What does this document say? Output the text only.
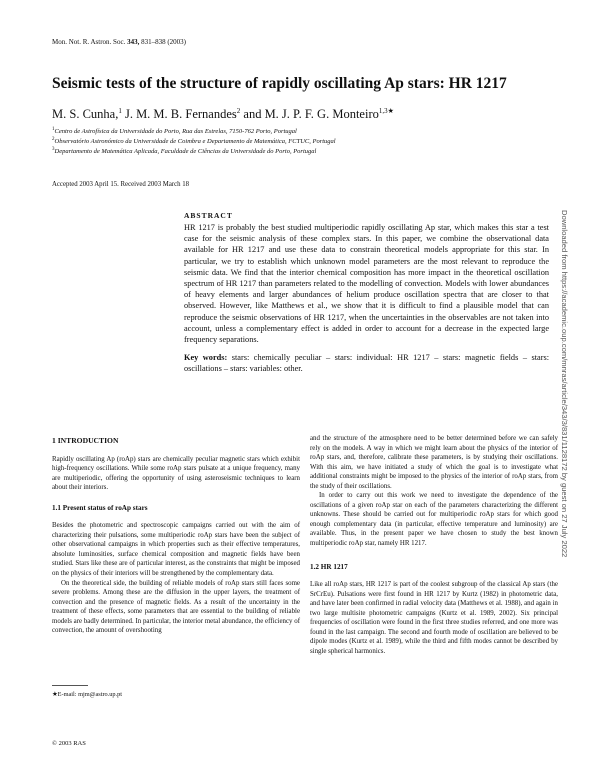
Mon. Not. R. Astron. Soc. 343, 831–838 (2003)
Seismic tests of the structure of rapidly oscillating Ap stars: HR 1217
M. S. Cunha,$^1$ J. M. M. B. Fernandes$^2$ and M. J. P. F. G. Monteiro$^{1,3★}$
$^1$Centro de Astrofísica da Universidade do Porto, Rua das Estrelas, 7150-762 Porto, Portugal
$^2$Observatório Astronómico da Universidade de Coimbra e Departamento de Matemática, FCTUC, Portugal
$^3$Departamento de Matemática Aplicada, Faculdade de Ciências da Universidade do Porto, Portugal
Accepted 2003 April 15. Received 2003 March 18
ABSTRACT

HR 1217 is probably the best studied multiperiodic rapidly oscillating Ap star, which makes this star a test case for the seismic analysis of these complex stars. In this paper, we combine the observational data available for HR 1217 and use these data to constrain theoretical models appropriate for this star. In particular, we try to establish which unknown model parameters are the most relevant to reproduce the seismic data. We find that the interior chemical composition has more impact in the theoretical oscillation spectrum of HR 1217 than parameters related to the modelling of convection. Models with lower abundances of heavy elements and larger abundances of helium produce oscillation spectra that are closer to that observed. However, like Matthews et al., we show that it is difficult to find a plausible model that can reproduce the seismic observations of HR 1217, when the uncertainties in the observables are not taken into account, unless a complementary effect is added in order to account for a decrease in the expected large frequency separations.

Key words: stars: chemically peculiar – stars: individual: HR 1217 – stars: magnetic fields – stars: oscillations – stars: variables: other.
1 INTRODUCTION

Rapidly oscillating Ap (roAp) stars are chemically peculiar magnetic stars which exhibit high-frequency oscillations. While some roAp stars pulsate at a unique frequency, many are multiperiodic, offering the opportunity of using asteroseismic techniques to learn about their interiors.

1.1 Present status of roAp stars

Besides the photometric and spectroscopic campaigns carried out with the aim of characterizing their pulsations, some multiperiodic roAp stars have been the subject of other observational campaigns in which properties such as their effective temperatures, absolute luminosities, surface chemical composition and magnetic fields have been studied. Stars like these are of particular interest, as the constraints that might be imposed on the physics of their interiors will be strengthened by the complementary data.

On the theoretical side, the building of reliable models of roAp stars still faces some severe problems. Among these are the diffusion in the upper layers, the treatment of convection and the presence of magnetic fields. As a result of the uncertainty in the treatment of these effects, some parameters that are essential to the building of reliable models are badly determined. In particular, the interior metal abundance, the efficiency of convection, the amount of overshooting

and the structure of the atmosphere need to be better determined before we can safely rely on the models. A way in which we might learn about the physics of the interior of roAp stars, and, therefore, calibrate these parameters, is by studying their oscillations. With this aim, we have initiated a study of which the goal is to investigate what additional constraints might be imposed to the physics of the interior of roAp stars, from the study of their oscillations.

In order to carry out this work we need to investigate the dependence of the oscillations of a given roAp star on each of the parameters characterizing the different unknowns. These should be carried out for multiperiodic roAp stars for which good enough complementary data (in particular, effective temperature and luminosity) are available. Thus, in the present paper we have chosen to study the best known multiperiodic roAp star, namely HR 1217.

1.2 HR 1217

Like all roAp stars, HR 1217 is part of the coolest subgroup of the classical Ap stars (the SrCrEu). Pulsations were first found in HR 1217 by Kurtz (1982) in photometric data, and have later been confirmed in radial velocity data (Matthews et al. 1988), and again in two large multisite photometric campaigns (Kurtz et al. 1989, 2002). Six principal frequencies of oscillation were found in the first three studies referred, and one more was found in the last campaign. The second and fourth mode of oscillation are believed to be dipole modes (Kurtz et al. 1989), while the third and fifth modes cannot be described by single spherical harmonics.

★E-mail: mjm@astro.up.pt
© 2003 RAS
Downloaded from https://academic.oup.com/mnras/article/343/3/831/1128172 by guest on 27 July 2022
